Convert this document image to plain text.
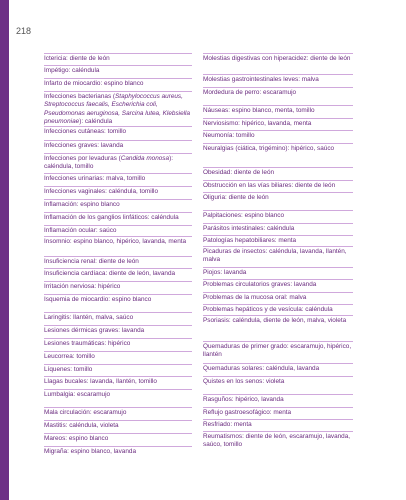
218
Ictericia: diente de león
Impétigo: caléndula
Infarto de miocardio: espino blanco
Infecciones bacterianas (Staphylococcus aureus, Streptococcus faecalis, Escherichia coli, Pseudomonas aeruginosa, Sarcina lutea, Klebsiella pneumoniae): caléndula
Infecciones cutáneas: tomillo
Infecciones graves: lavanda
Infecciones por levaduras (Candida monosa): caléndula, tomillo
Infecciones urinarias: malva, tomillo
Infecciones vaginales: caléndula, tomillo
Inflamación: espino blanco
Inflamación de los ganglios linfáticos: caléndula
Inflamación ocular: saúco
Insomnio: espino blanco, hipérico, lavanda, menta
Insuficiencia renal: diente de león
Insuficiencia cardíaca: diente de león, lavanda
Irritación nerviosa: hipérico
Isquemia de miocardio: espino blanco
Laringitis: llantén, malva, saúco
Lesiones dérmicas graves: lavanda
Lesiones traumáticas: hipérico
Leucorrea: tomillo
Líquenes: tomillo
Llagas bucales: lavanda, llantén, tomillo
Lumbalgia: escaramujo
Mala circulación: escaramujo
Mastitis: caléndula, violeta
Mareos: espino blanco
Migraña: espino blanco, lavanda
Molestias digestivas con hiperacidez: diente de león
Molestias gastrointestinales leves: malva
Mordedura de perro: escaramujo
Náuseas: espino blanco, menta, tomillo
Nerviosismo: hipérico, lavanda, menta
Neumonía: tomillo
Neuralgias (ciática, trigémino): hipérico, saúco
Obesidad: diente de león
Obstrucción en las vías biliares: diente de león
Oliguria: diente de león
Palpitaciones: espino blanco
Parásitos intestinales: caléndula
Patologías hepatobiliares: menta
Picaduras de insectos: caléndula, lavanda, llantén, malva
Piojos: lavanda
Problemas circulatorios graves: lavanda
Problemas de la mucosa oral: malva
Problemas hepáticos y de vesícula: caléndula
Psoriasis: caléndula, diente de león, malva, violeta
Quemaduras de primer grado: escaramujo, hipérico, llantén
Quemaduras solares: caléndula, lavanda
Quistes en los senos: violeta
Rasguños: hipérico, lavanda
Reflujo gastroesofágico: menta
Resfriado: menta
Reumatismos: diente de león, escaramujo, lavanda, saúco, tomillo
